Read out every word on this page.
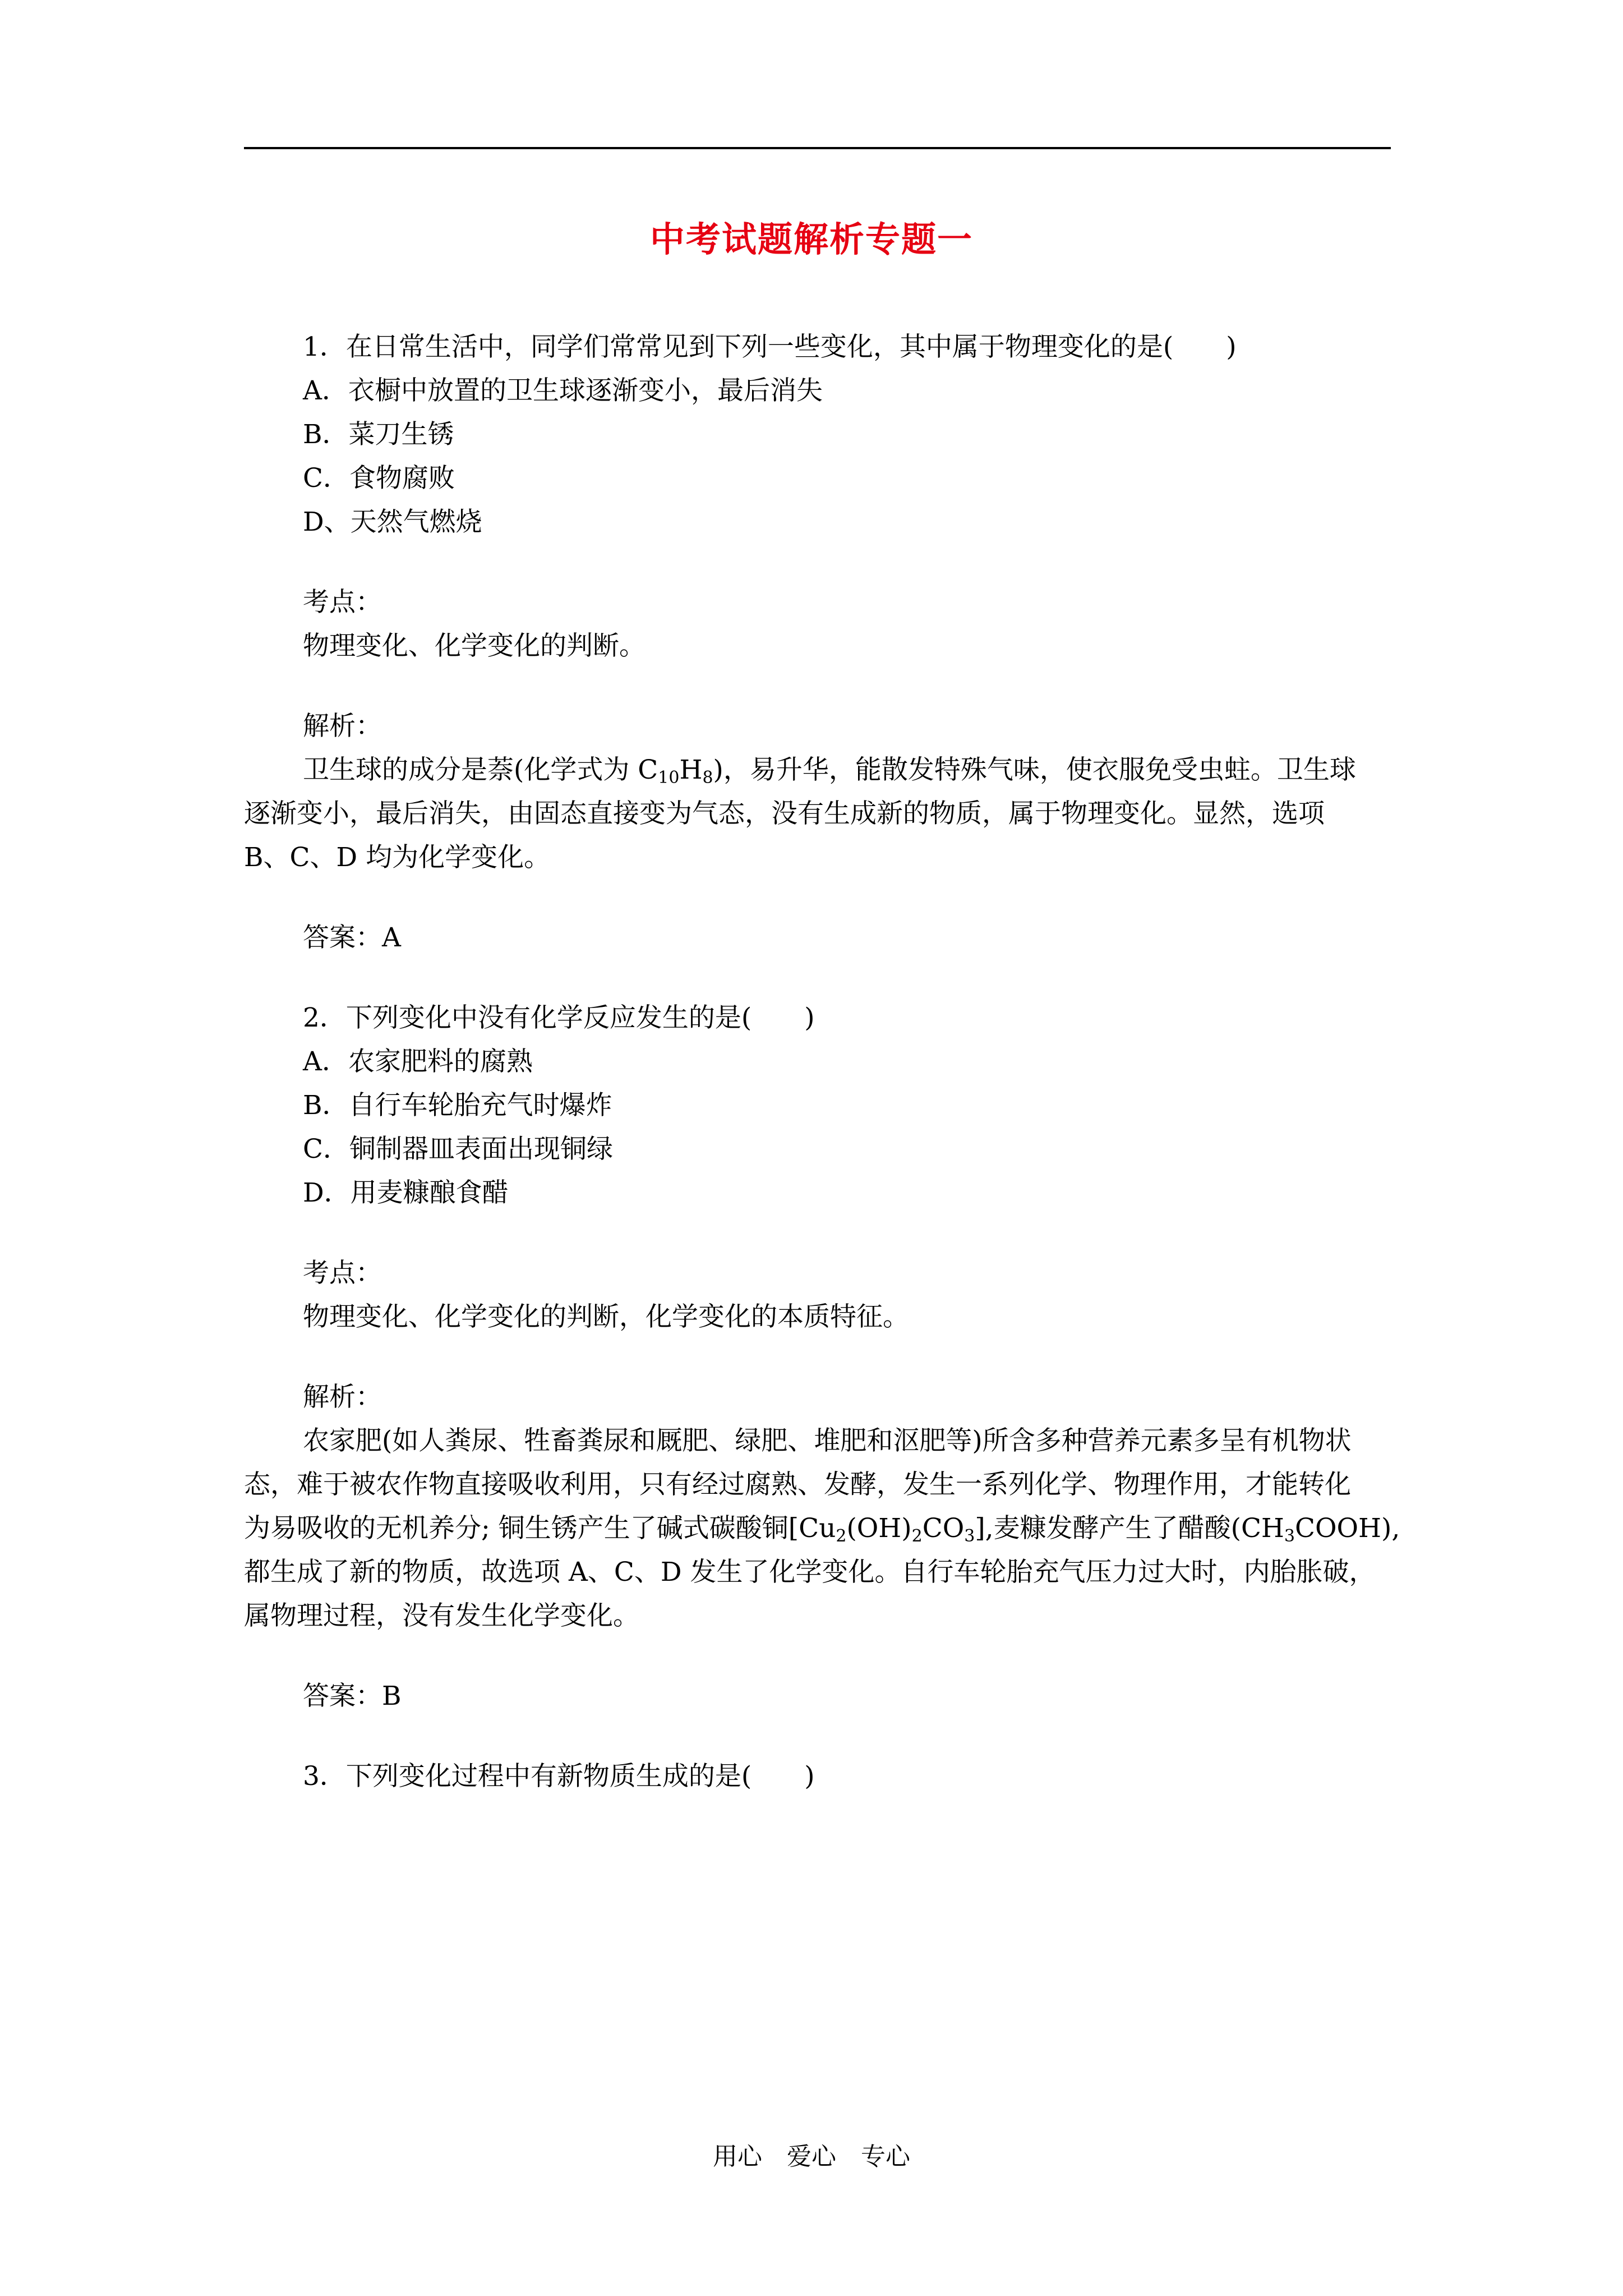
中考试题解析专题一

1．在日常生活中，同学们常常见到下列一些变化，其中属于物理变化的是(　　)

A．衣橱中放置的卫生球逐渐变小，最后消失

B．菜刀生锈

C．食物腐败

D、天然气燃烧

考点：

物理变化、化学变化的判断。

解析：

卫生球的成分是萘(化学式为 $C_{10}H_8$)，易升华，能散发特殊气味，使衣服免受虫蛀。卫生球

逐渐变小，最后消失，由固态直接变为气态，没有生成新的物质，属于物理变化。显然，选项

B、C、D 均为化学变化。

答案：A

2．下列变化中没有化学反应发生的是(　　)

A．农家肥料的腐熟

B．自行车轮胎充气时爆炸

C．铜制器皿表面出现铜绿

D．用麦糠酿食醋

考点：

物理变化、化学变化的判断，化学变化的本质特征。

解析：

农家肥(如人粪尿、牲畜粪尿和厩肥、绿肥、堆肥和沤肥等)所含多种营养元素多呈有机物状

态，难于被农作物直接吸收利用，只有经过腐熟、发酵，发生一系列化学、物理作用，才能转化

为易吸收的无机养分; 铜生锈产生了碱式碳酸铜$[Cu_2(OH)_2CO_3]$,麦糠发酵产生了醋酸$(CH_3COOH)$,

都生成了新的物质，故选项 A、C、D 发生了化学变化。自行车轮胎充气压力过大时，内胎胀破，

属物理过程，没有发生化学变化。

答案：B

3．下列变化过程中有新物质生成的是(　　)

用心　爱心　专心
